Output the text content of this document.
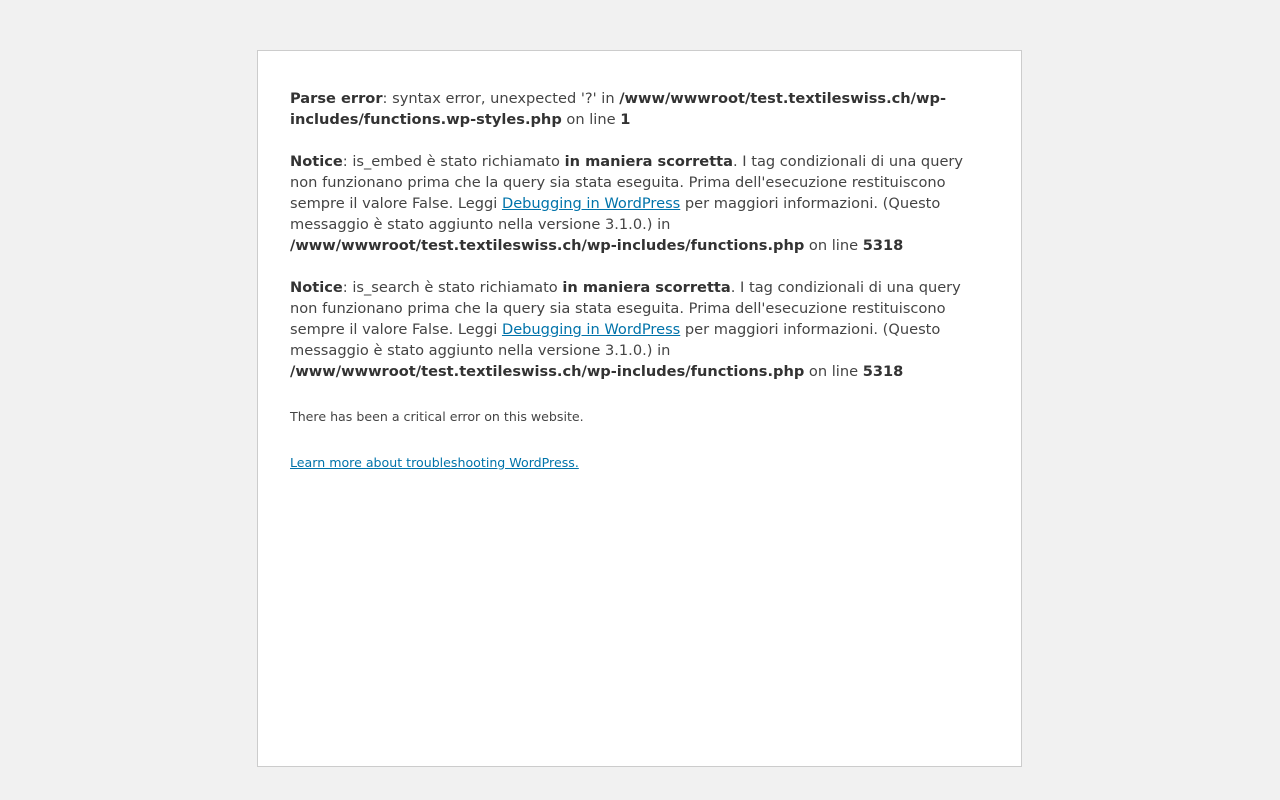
Parse error: syntax error, unexpected '?' in /www/wwwroot/test.textileswiss.ch/wp-includes/functions.wp-styles.php on line 1

Notice: is_embed è stato richiamato in maniera scorretta. I tag condizionali di una query non funzionano prima che la query sia stata eseguita. Prima dell'esecuzione restituiscono sempre il valore False. Leggi Debugging in WordPress per maggiori informazioni. (Questo messaggio è stato aggiunto nella versione 3.1.0.) in /www/wwwroot/test.textileswiss.ch/wp-includes/functions.php on line 5318

Notice: is_search è stato richiamato in maniera scorretta. I tag condizionali di una query non funzionano prima che la query sia stata eseguita. Prima dell'esecuzione restituiscono sempre il valore False. Leggi Debugging in WordPress per maggiori informazioni. (Questo messaggio è stato aggiunto nella versione 3.1.0.) in /www/wwwroot/test.textileswiss.ch/wp-includes/functions.php on line 5318

There has been a critical error on this website.

Learn more about troubleshooting WordPress.
